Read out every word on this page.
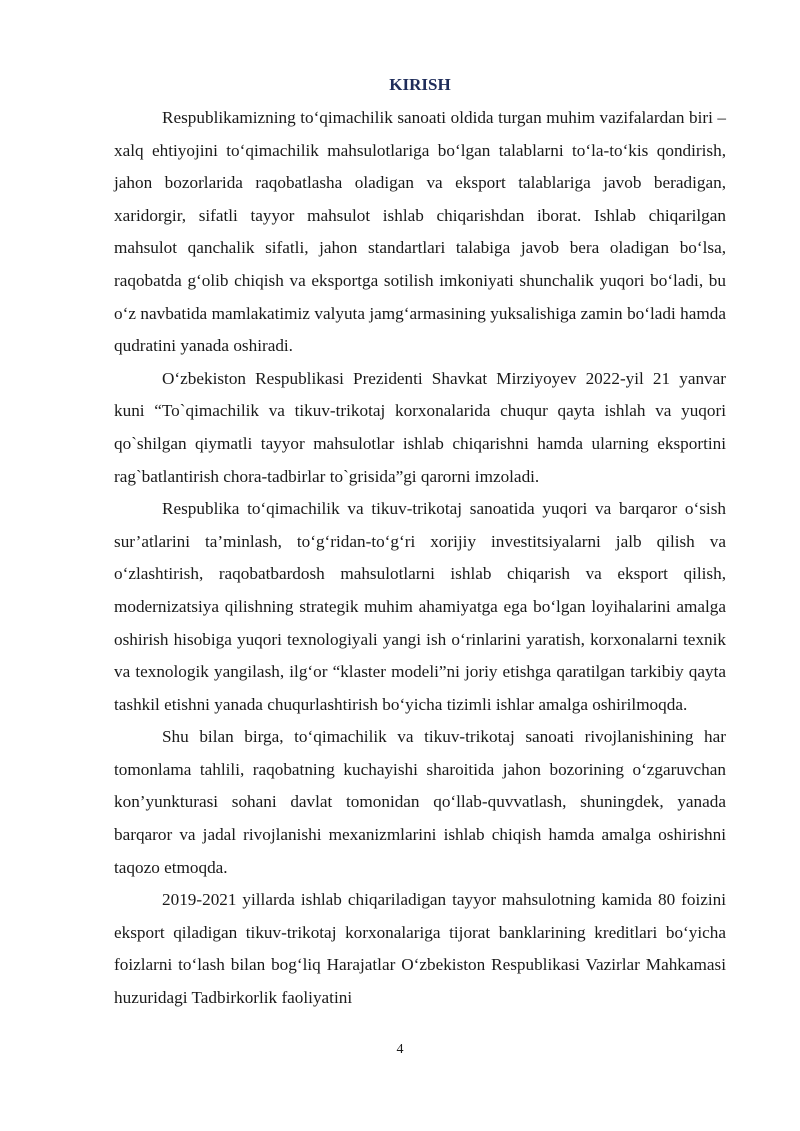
KIRISH

Respublikamizning to‘qimachilik sanoati oldida turgan muhim vazifalardan biri – xalq ehtiyojini to‘qimachilik mahsulotlariga bo‘lgan talablarni to‘la-to‘kis qondirish, jahon bozorlarida raqobatlasha oladigan va eksport talablariga javob beradigan, xaridorgir, sifatli tayyor mahsulot ishlab chiqarishdan iborat. Ishlab chiqarilgan mahsulot qanchalik sifatli, jahon standartlari talabiga javob bera oladigan bo‘lsa, raqobatda g‘olib chiqish va eksportga sotilish imkoniyati shunchalik yuqori bo‘ladi, bu o‘z navbatida mamlakatimiz valyuta jamg‘armasining yuksalishiga zamin bo‘ladi hamda qudratini yanada oshiradi.

O‘zbekiston Respublikasi Prezidenti Shavkat Mirziyoyev 2022-yil 21 yanvar kuni “To`qimachilik va tikuv-trikotaj korxonalarida chuqur qayta ishlah va yuqori qo`shilgan qiymatli tayyor mahsulotlar ishlab chiqarishni hamda ularning eksportini rag`batlantirish chora-tadbirlar to`grisida”gi qarorni imzoladi.

Respublika to‘qimachilik va tikuv-trikotaj sanoatida yuqori va barqaror o‘sish sur’atlarini ta’minlash, to‘g‘ridan-to‘g‘ri xorijiy investitsiyalarni jalb qilish va o‘zlashtirish, raqobatbardosh mahsulotlarni ishlab chiqarish va eksport qilish, modernizatsiya qilishning strategik muhim ahamiyatga ega bo‘lgan loyihalarini amalga oshirish hisobiga yuqori texnologiyali yangi ish o‘rinlarini yaratish, korxonalarni texnik va texnologik yangilash, ilg‘or “klaster modeli”ni joriy etishga qaratilgan tarkibiy qayta tashkil etishni yanada chuqurlashtirish bo‘yicha tizimli ishlar amalga oshirilmoqda.

Shu bilan birga, to‘qimachilik va tikuv-trikotaj sanoati rivojlanishining har tomonlama tahlili, raqobatning kuchayishi sharoitida jahon bozorining o‘zgaruvchan kon’yunkturasi sohani davlat tomonidan qo‘llab-quvvatlash, shuningdek, yanada barqaror va jadal rivojlanishi mexanizmlarini ishlab chiqish hamda amalga oshirishni taqozo etmoqda.

2019-2021 yillarda ishlab chiqariladigan tayyor mahsulotning kamida 80 foizini eksport qiladigan tikuv-trikotaj korxonalariga tijorat banklarining kreditlari bo‘yicha foizlarni to‘lash bilan bog‘liq Harajatlar O‘zbekiston Respublikasi Vazirlar Mahkamasi huzuridagi Tadbirkorlik faoliyatini

4
